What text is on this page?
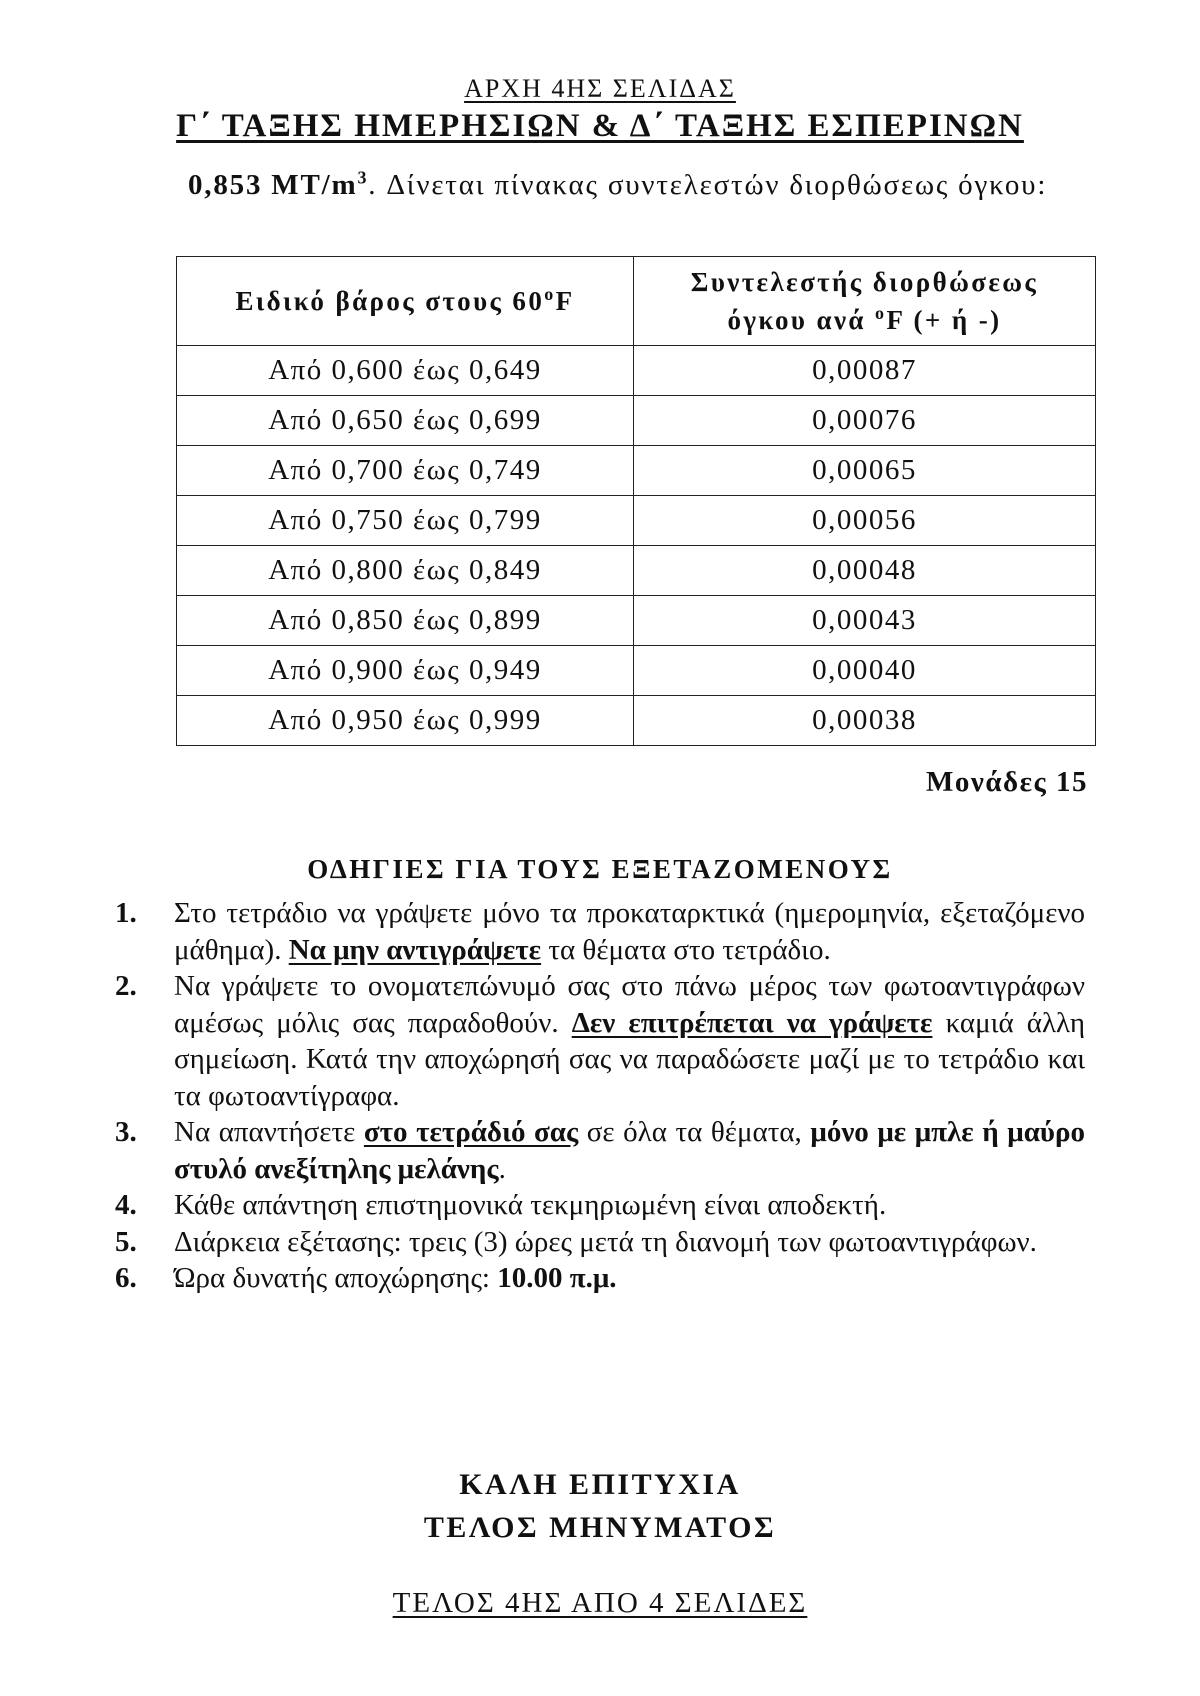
ΑΡΧΗ 4ΗΣ ΣΕΛΙΔΑΣ
Γ΄ ΤΑΞΗΣ ΗΜΕΡΗΣΙΩΝ & Δ΄ ΤΑΞΗΣ ΕΣΠΕΡΙΝΩΝ
0,853 $MT/m^3$. Δίνεται πίνακας συντελεστών διορθώσεως όγκου:
Ειδικό βάρος στους $60^oF$	Συντελεστής διορθώσεως
όγκου ανά $^o$F (+ ή -)
Από 0,600 έως 0,649	0,00087
Από 0,650 έως 0,699	0,00076
Από 0,700 έως 0,749	0,00065
Από 0,750 έως 0,799	0,00056
Από 0,800 έως 0,849	0,00048
Από 0,850 έως 0,899	0,00043
Από 0,900 έως 0,949	0,00040
Από 0,950 έως 0,999	0,00038
Μονάδες 15
ΟΔΗΓΙΕΣ ΓΙΑ ΤΟΥΣ ΕΞΕΤΑΖΟΜΕΝΟΥΣ
1. Στο τετράδιο να γράψετε μόνο τα προκαταρκτικά (ημερομηνία, εξεταζόμενο μάθημα). Να μην αντιγράψετε τα θέματα στο τετράδιο.
2. Να γράψετε το ονοματεπώνυμό σας στο πάνω μέρος των φωτοαντιγράφων αμέσως μόλις σας παραδοθούν. Δεν επιτρέπεται να γράψετε καμιά άλλη σημείωση. Κατά την αποχώρησή σας να παραδώσετε μαζί με το τετράδιο και τα φωτοαντίγραφα.
3. Να απαντήσετε στο τετράδιό σας σε όλα τα θέματα, μόνο με μπλε ή μαύρο στυλό ανεξίτηλης μελάνης.
4. Κάθε απάντηση επιστημονικά τεκμηριωμένη είναι αποδεκτή.
5. Διάρκεια εξέτασης: τρεις (3) ώρες μετά τη διανομή των φωτοαντιγράφων.
6. Ώρα δυνατής αποχώρησης: 10.00 π.μ.
ΚΑΛΗ ΕΠΙΤΥΧΙΑ
ΤΕΛΟΣ ΜΗΝΥΜΑΤΟΣ
ΤΕΛΟΣ 4ΗΣ ΑΠΟ 4 ΣΕΛΙΔΕΣ
